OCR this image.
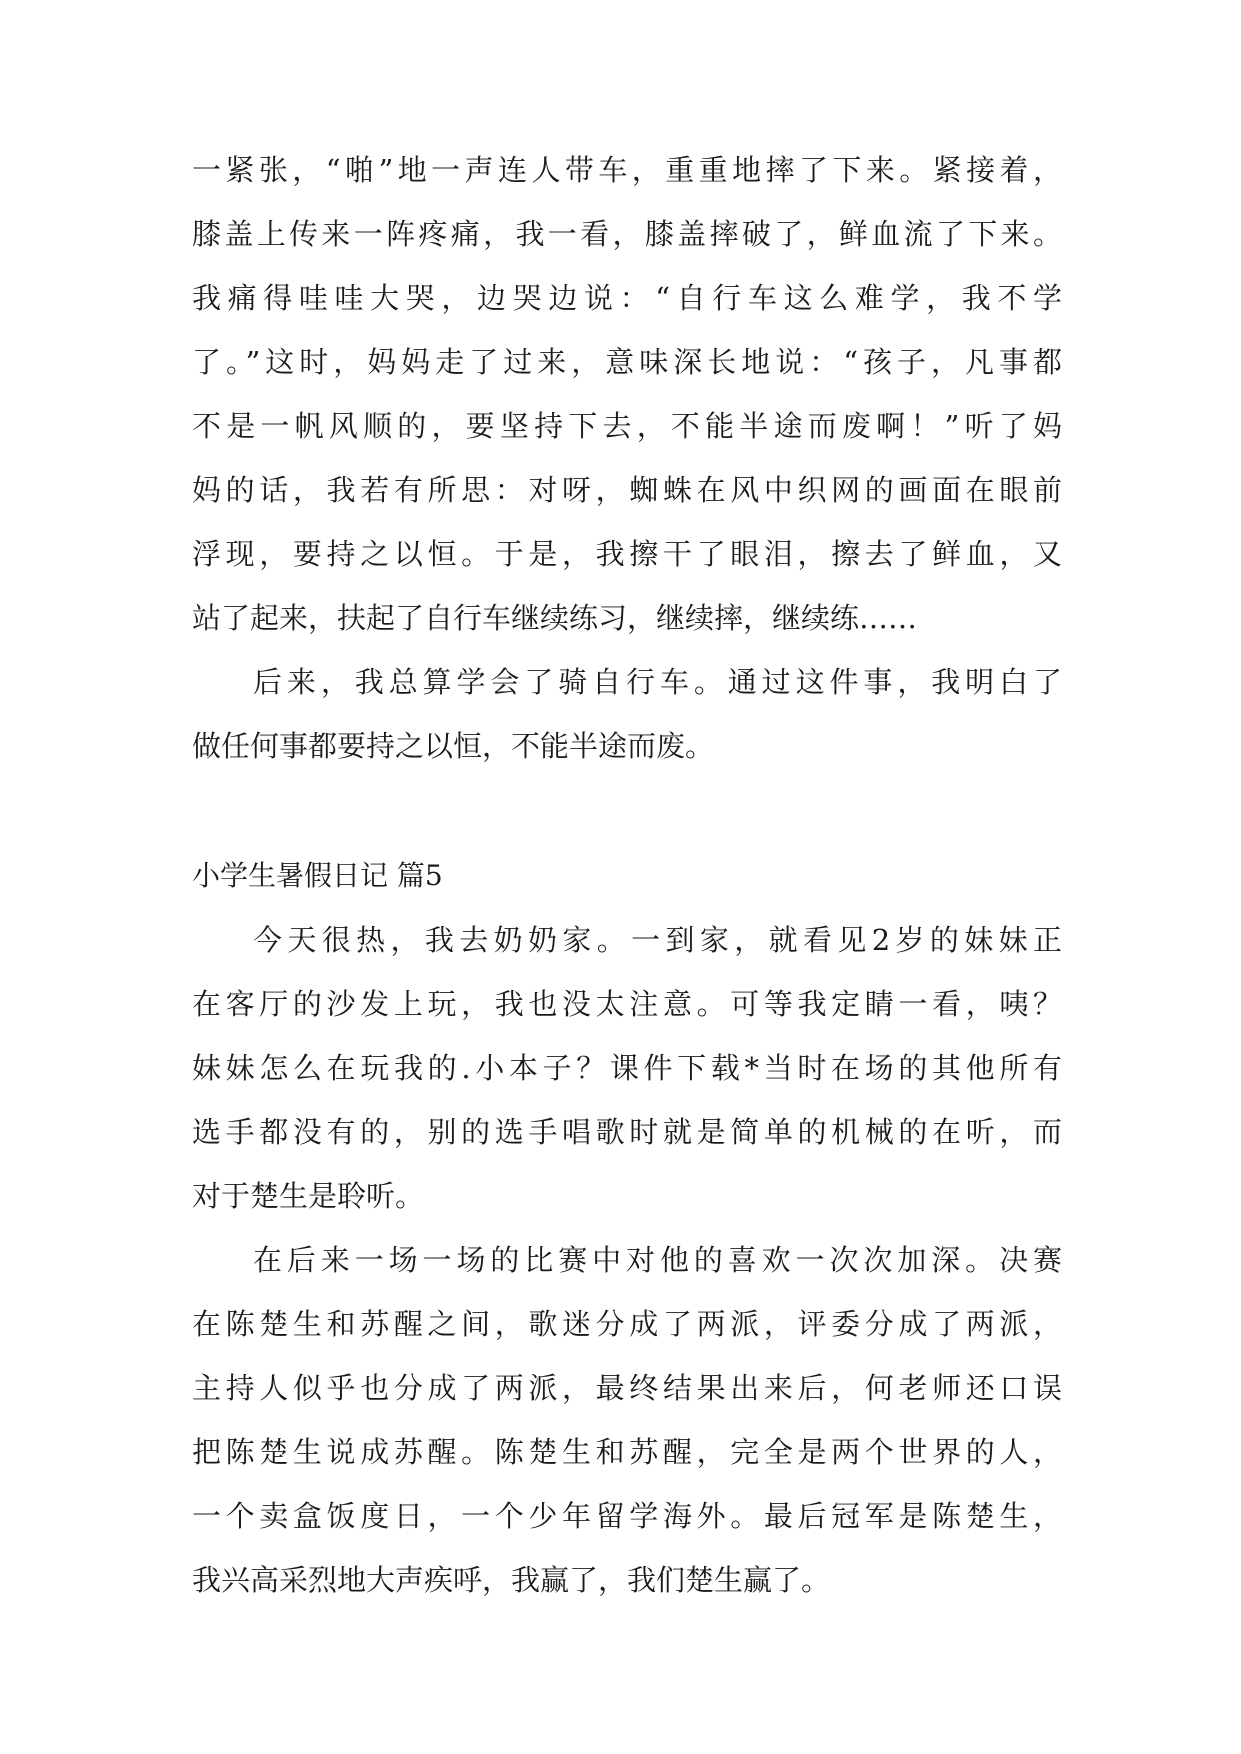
一紧张，“啪”地一声连人带车，重重地摔了下来。紧接着，
膝盖上传来一阵疼痛，我一看，膝盖摔破了，鲜血流了下来。
我痛得哇哇大哭，边哭边说：“自行车这么难学，我不学
了。”这时，妈妈走了过来，意味深长地说：“孩子，凡事都
不是一帆风顺的，要坚持下去，不能半途而废啊！”听了妈
妈的话，我若有所思：对呀，蜘蛛在风中织网的画面在眼前
浮现，要持之以恒。于是，我擦干了眼泪，擦去了鲜血，又
站了起来，扶起了自行车继续练习，继续摔，继续练……
后来，我总算学会了骑自行车。通过这件事，我明白了
做任何事都要持之以恒，不能半途而废。
小学生暑假日记 篇5
今天很热，我去奶奶家。一到家，就看见2岁的妹妹正
在客厅的沙发上玩，我也没太注意。可等我定睛一看，咦？
妹妹怎么在玩我的.小本子？课件下载*当时在场的其他所有
选手都没有的，别的选手唱歌时就是简单的机械的在听，而
对于楚生是聆听。
在后来一场一场的比赛中对他的喜欢一次次加深。决赛
在陈楚生和苏醒之间，歌迷分成了两派，评委分成了两派，
主持人似乎也分成了两派，最终结果出来后，何老师还口误
把陈楚生说成苏醒。陈楚生和苏醒，完全是两个世界的人，
一个卖盒饭度日，一个少年留学海外。最后冠军是陈楚生，
我兴高采烈地大声疾呼，我赢了，我们楚生赢了。
